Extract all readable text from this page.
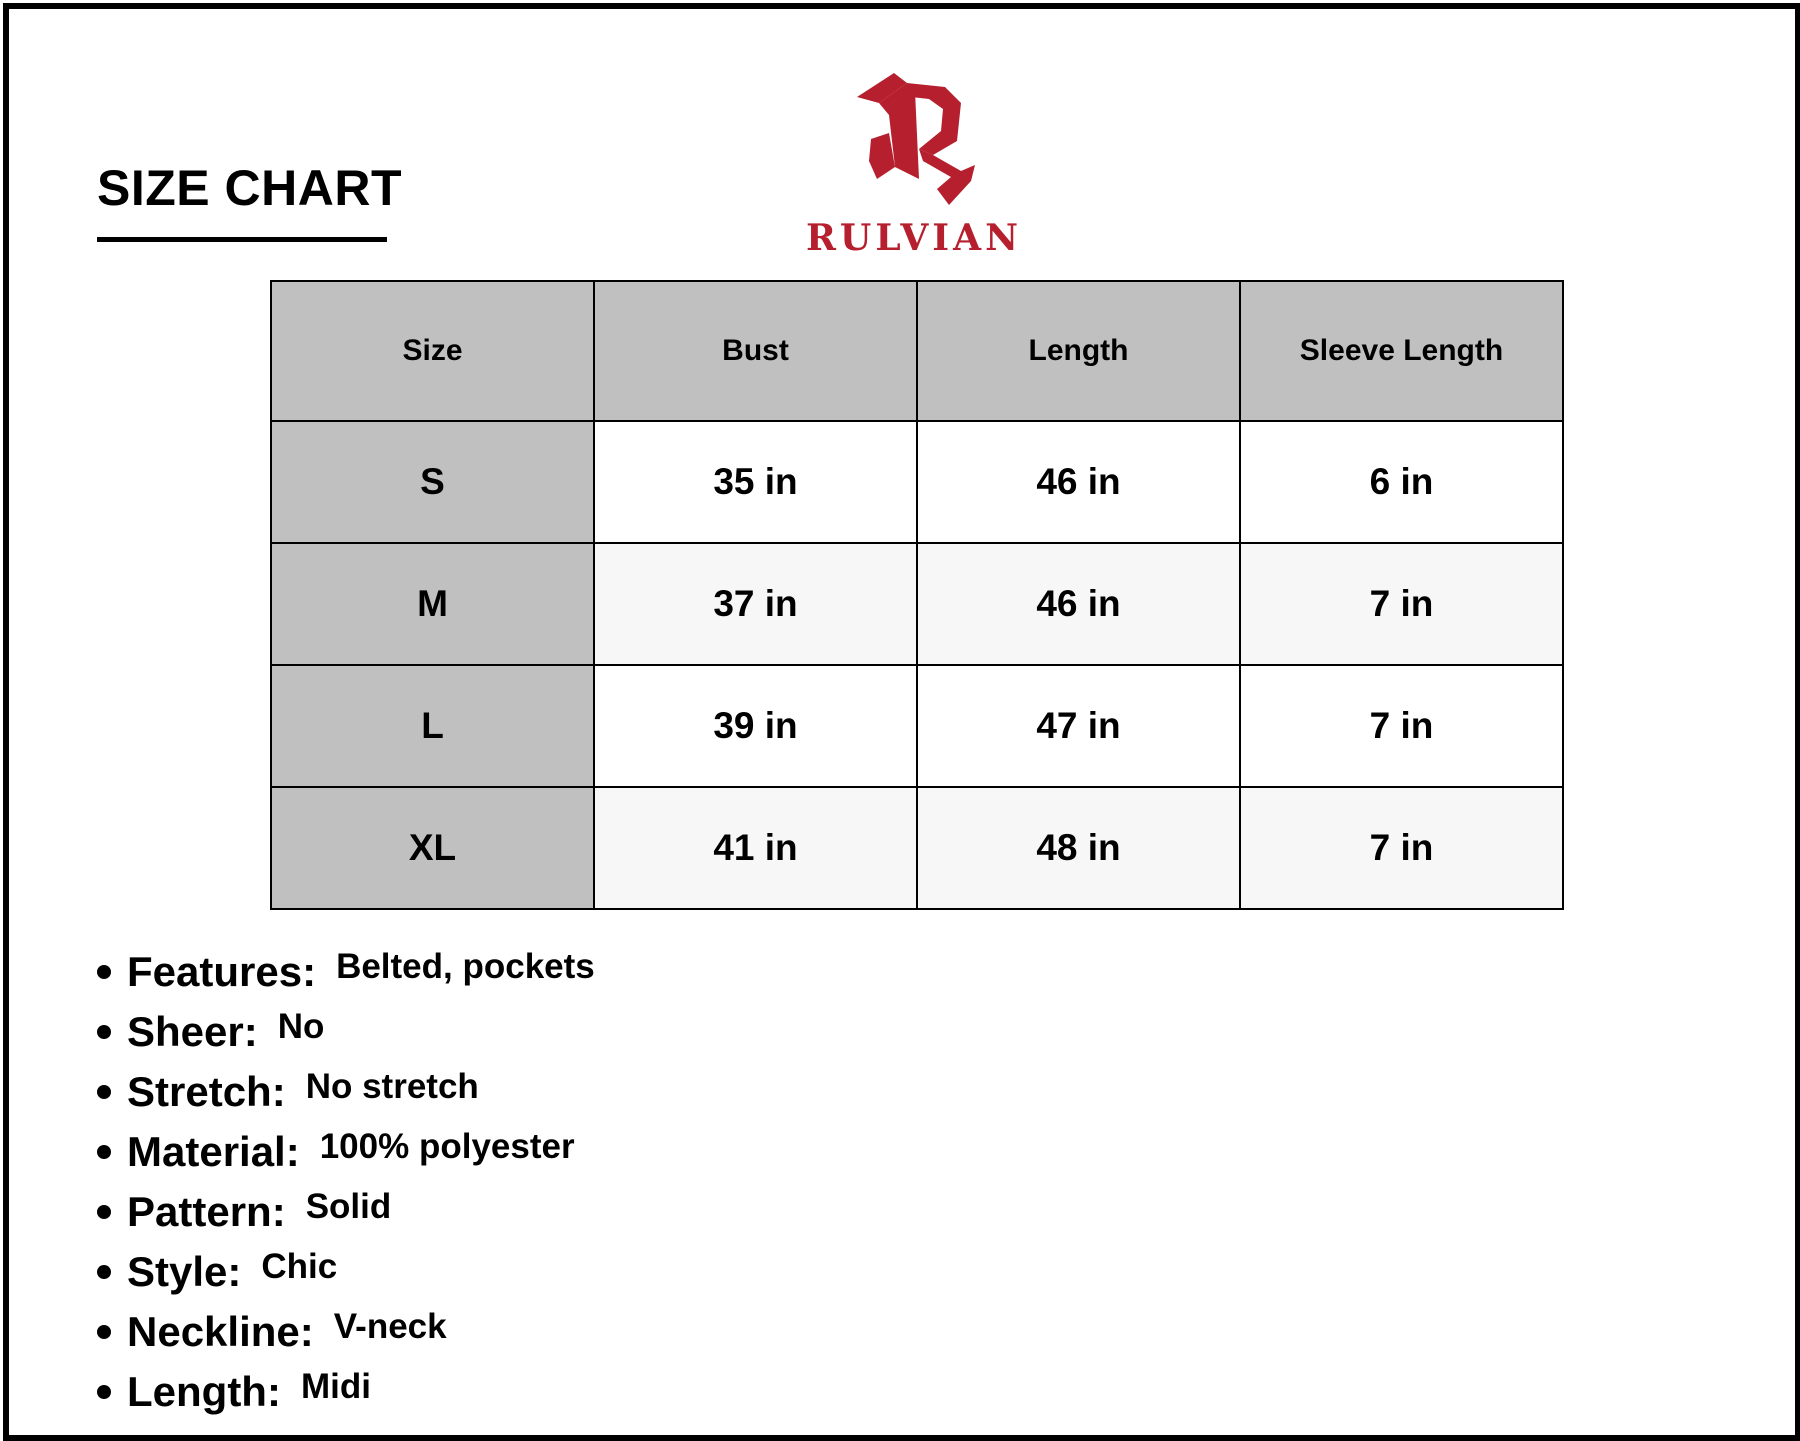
SIZE CHART
RULVIAN
Size	Bust	Length	Sleeve Length
S	35 in	46 in	6 in
M	37 in	46 in	7 in
L	39 in	47 in	7 in
XL	41 in	48 in	7 in
Features: Belted, pockets
Sheer: No
Stretch: No stretch
Material: 100% polyester
Pattern: Solid
Style: Chic
Neckline: V-neck
Length: Midi
